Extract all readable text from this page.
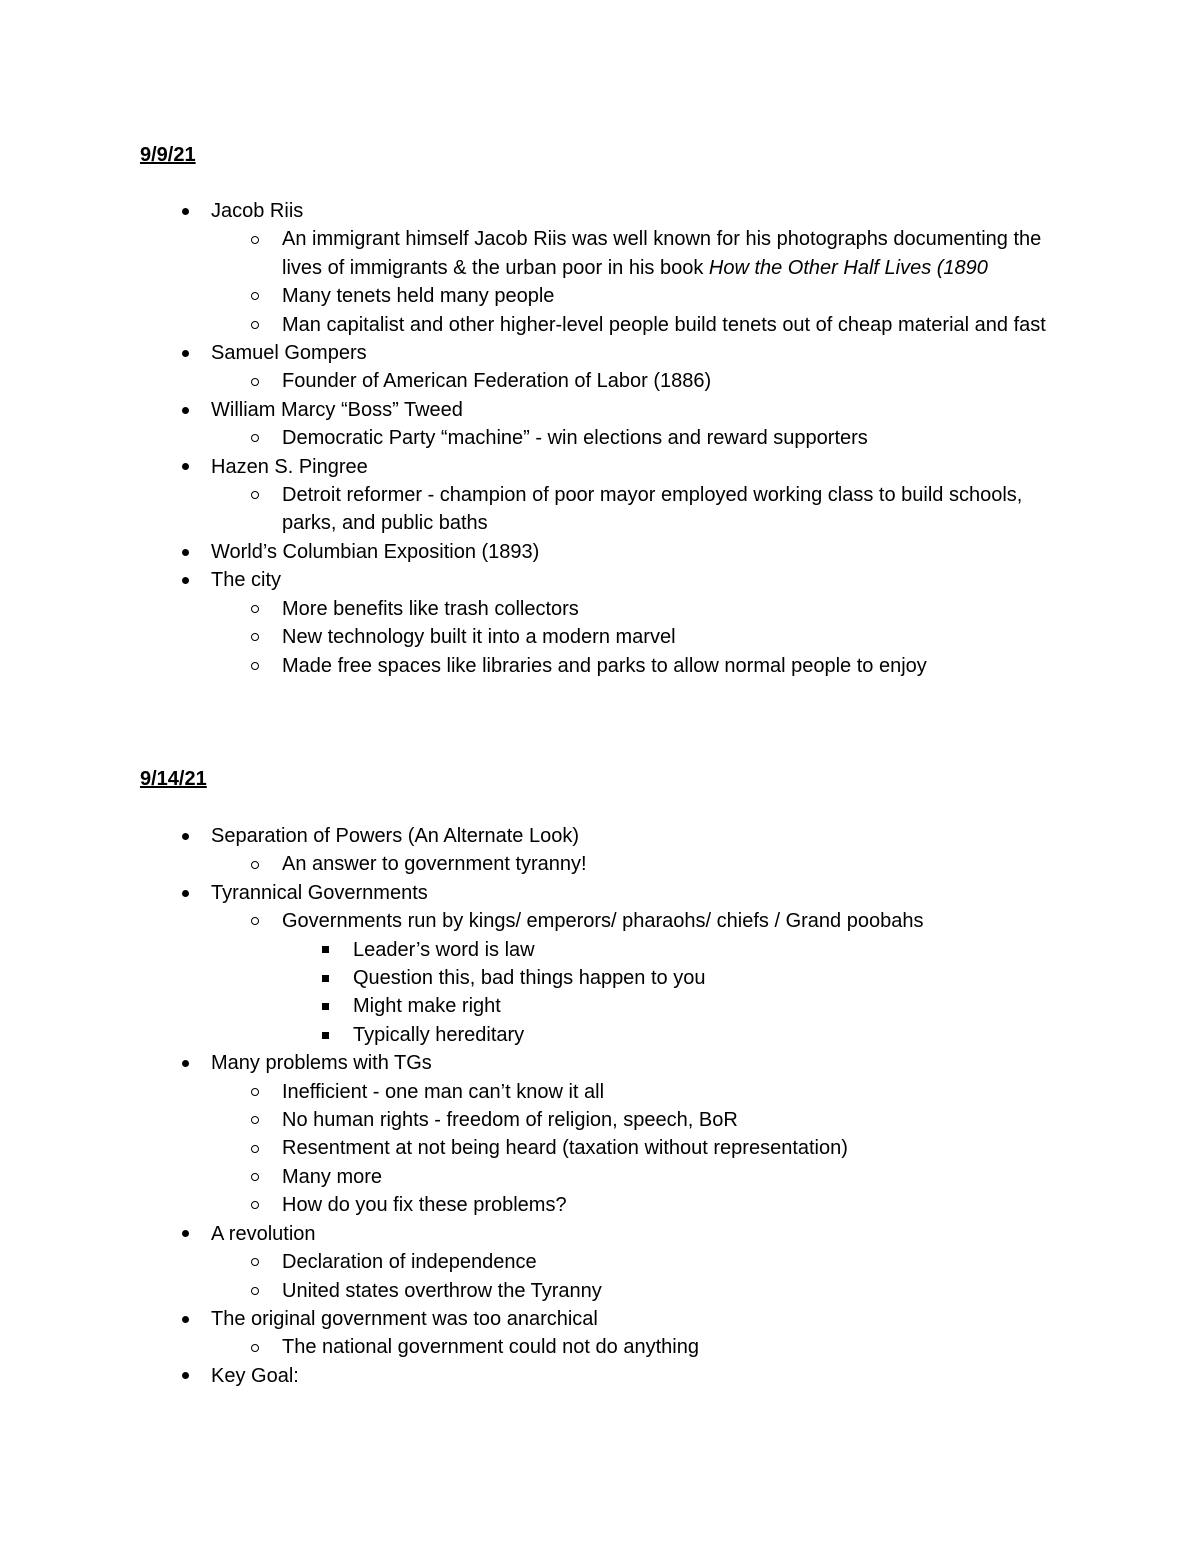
9/9/21

Jacob Riis
An immigrant himself Jacob Riis was well known for his photographs documenting the lives of immigrants & the urban poor in his book How the Other Half Lives (1890
Many tenets held many people
Man capitalist and other higher-level people build tenets out of cheap material and fast
Samuel Gompers
Founder of American Federation of Labor (1886)
William Marcy “Boss” Tweed
Democratic Party “machine” - win elections and reward supporters
Hazen S. Pingree
Detroit reformer - champion of poor mayor employed working class to build schools, parks, and public baths
World’s Columbian Exposition (1893)
The city
More benefits like trash collectors
New technology built it into a modern marvel
Made free spaces like libraries and parks to allow normal people to enjoy

9/14/21

Separation of Powers (An Alternate Look)
An answer to government tyranny!
Tyrannical Governments
Governments run by kings/ emperors/ pharaohs/ chiefs / Grand poobahs
Leader’s word is law
Question this, bad things happen to you
Might make right
Typically hereditary
Many problems with TGs
Inefficient - one man can’t know it all
No human rights - freedom of religion, speech, BoR
Resentment at not being heard (taxation without representation)
Many more
How do you fix these problems?
A revolution
Declaration of independence
United states overthrow the Tyranny
The original government was too anarchical
The national government could not do anything
Key Goal:
